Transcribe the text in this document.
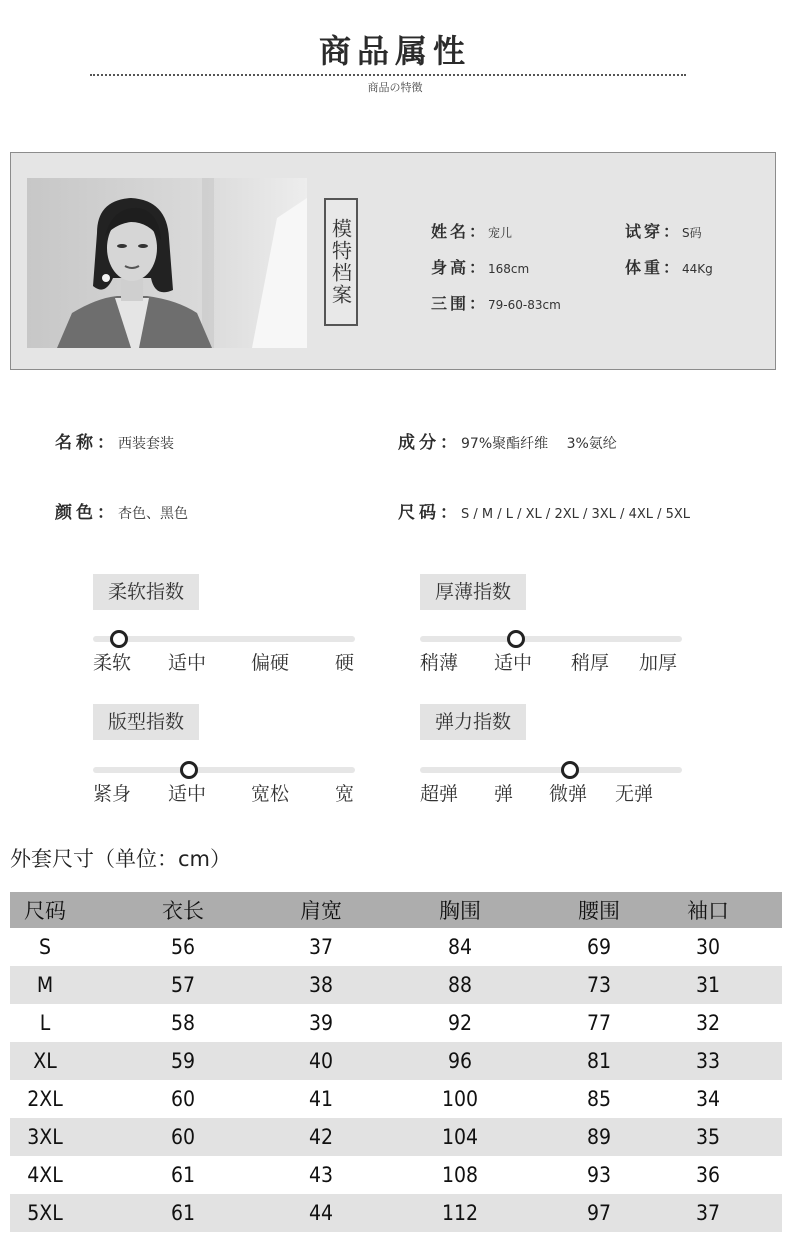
商品属性
商品の特徴
模特档案	姓名：宠儿	试穿：S码
身高：168cm	体重：44Kg
三围：79-60-83cm
名称：西装套装	成分：97%聚酯纤维　 3%氨纶
颜色：杏色、黑色	尺码：S / M / L / XL / 2XL / 3XL / 4XL / 5XL
柔软指数
柔软 适中 偏硬 硬
厚薄指数
稍薄 适中 稍厚 加厚
版型指数
紧身 适中 宽松 宽
弹力指数
超弹 弹 微弹 无弹
外套尺寸（单位：cm）
尺码	衣长	肩宽	胸围	腰围	袖口
S	56	37	84	69	30
M	57	38	88	73	31
L	58	39	92	77	32
XL	59	40	96	81	33
2XL	60	41	100	85	34
3XL	60	42	104	89	35
4XL	61	43	108	93	36
5XL	61	44	112	97	37
